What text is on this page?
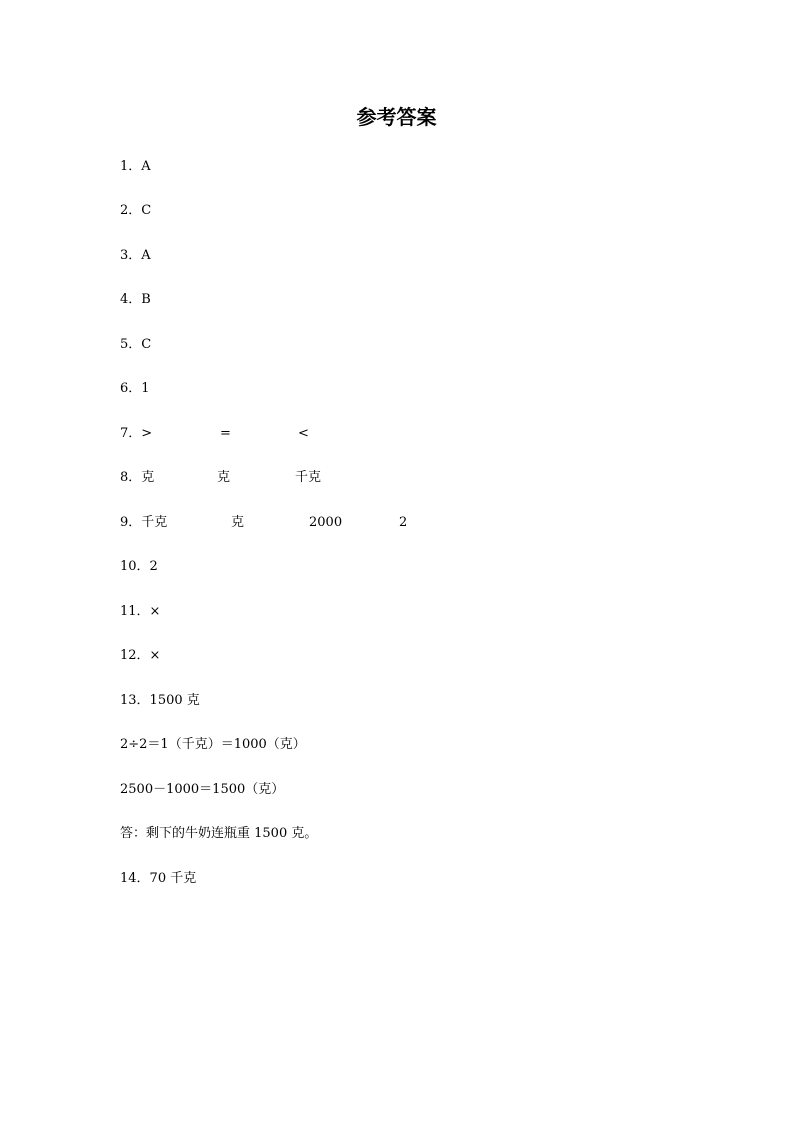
参考答案
1．A
2．C
3．A
4．B
5．C
6．1
7．>	=	<
8．克	克	千克
9．千克	克	2000	2
10．2
11．×
12．×
13．1500 克
2÷2＝1（千克）＝1000（克）
2500－1000＝1500（克）
答：剩下的牛奶连瓶重 1500 克。
14．70 千克
